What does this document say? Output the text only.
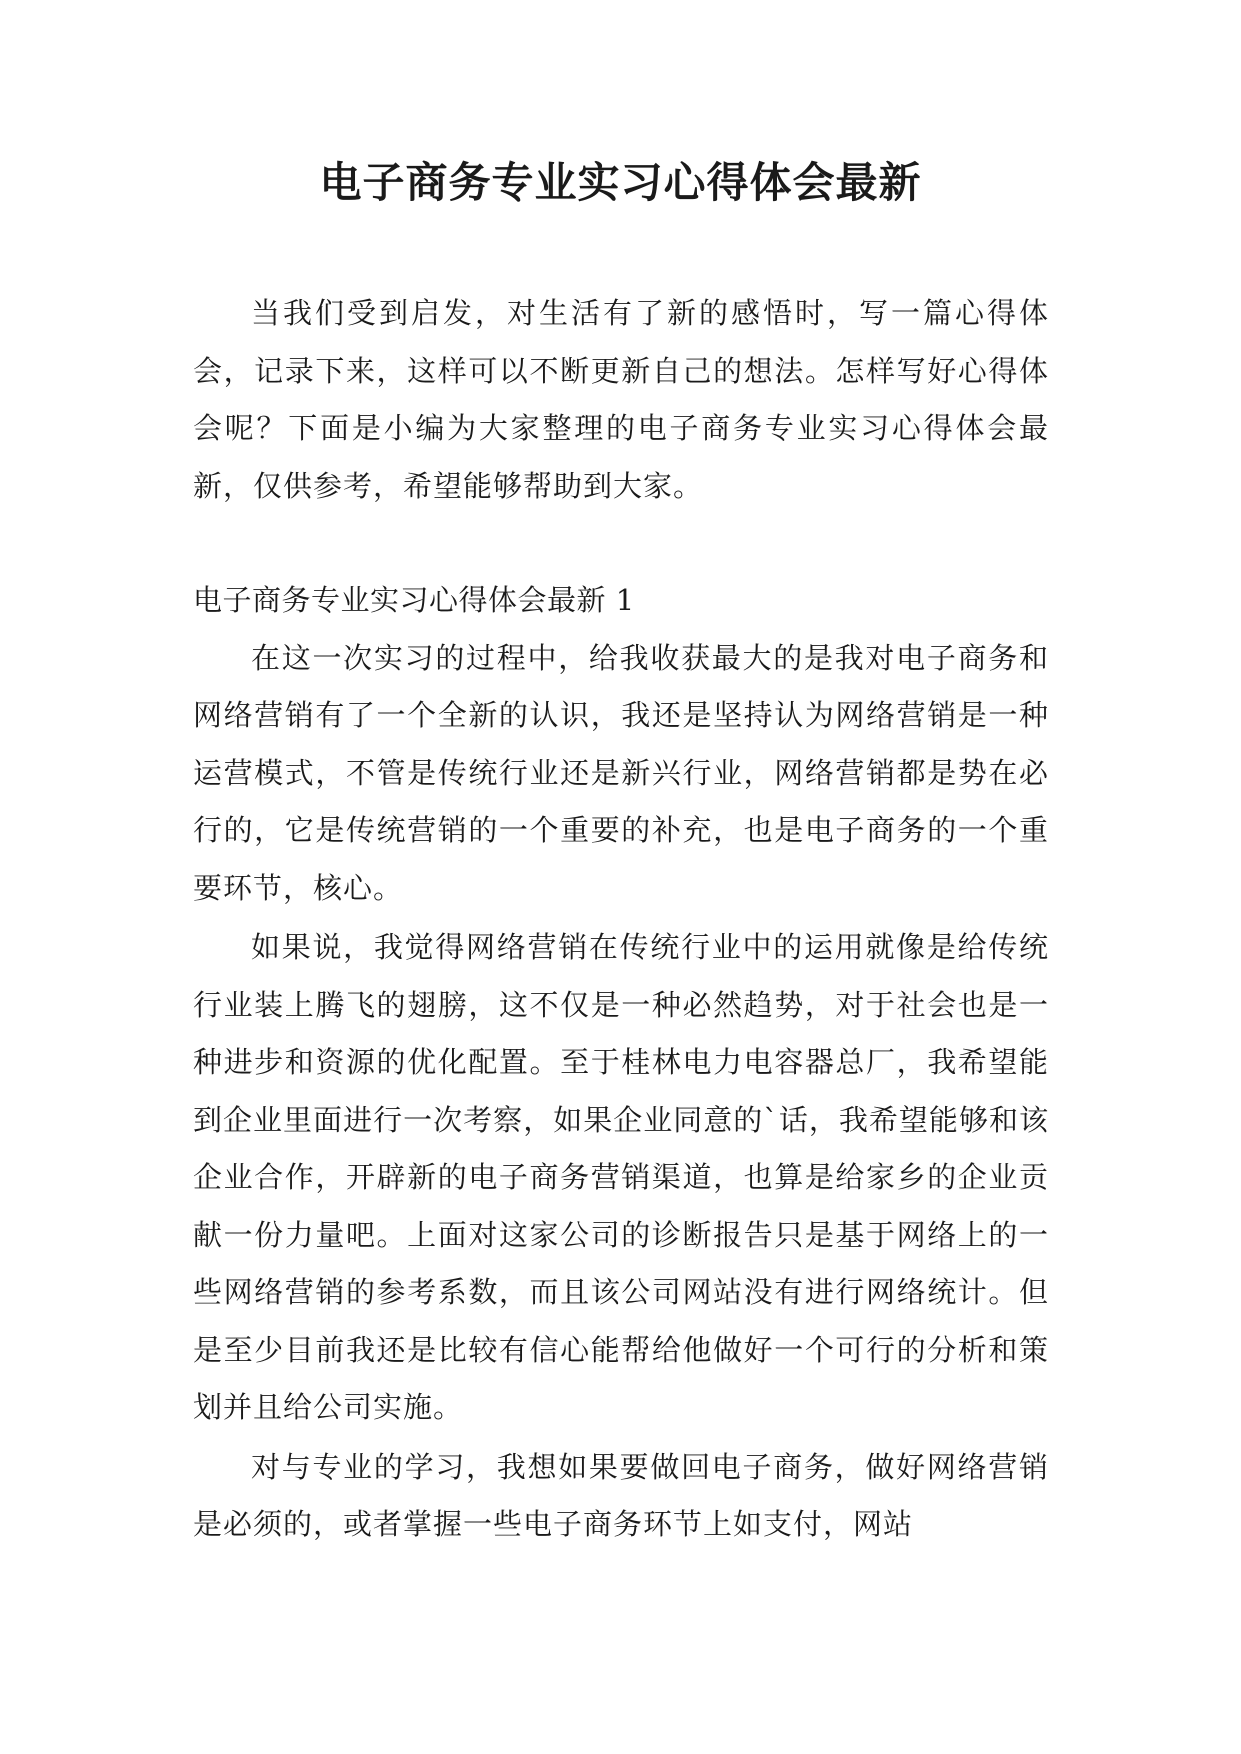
电子商务专业实习心得体会最新

当我们受到启发，对生活有了新的感悟时，写一篇心得体会，记录下来，这样可以不断更新自己的想法。怎样写好心得体会呢？下面是小编为大家整理的电子商务专业实习心得体会最新，仅供参考，希望能够帮助到大家。

电子商务专业实习心得体会最新 1

在这一次实习的过程中，给我收获最大的是我对电子商务和网络营销有了一个全新的认识，我还是坚持认为网络营销是一种运营模式，不管是传统行业还是新兴行业，网络营销都是势在必行的，它是传统营销的一个重要的补充，也是电子商务的一个重要环节，核心。

如果说，我觉得网络营销在传统行业中的运用就像是给传统行业装上腾飞的翅膀，这不仅是一种必然趋势，对于社会也是一种进步和资源的优化配置。至于桂林电力电容器总厂，我希望能到企业里面进行一次考察，如果企业同意的`话，我希望能够和该企业合作，开辟新的电子商务营销渠道，也算是给家乡的企业贡献一份力量吧。上面对这家公司的诊断报告只是基于网络上的一些网络营销的参考系数，而且该公司网站没有进行网络统计。但是至少目前我还是比较有信心能帮给他做好一个可行的分析和策划并且给公司实施。

对与专业的学习，我想如果要做回电子商务，做好网络营销是必须的，或者掌握一些电子商务环节上如支付，网站
